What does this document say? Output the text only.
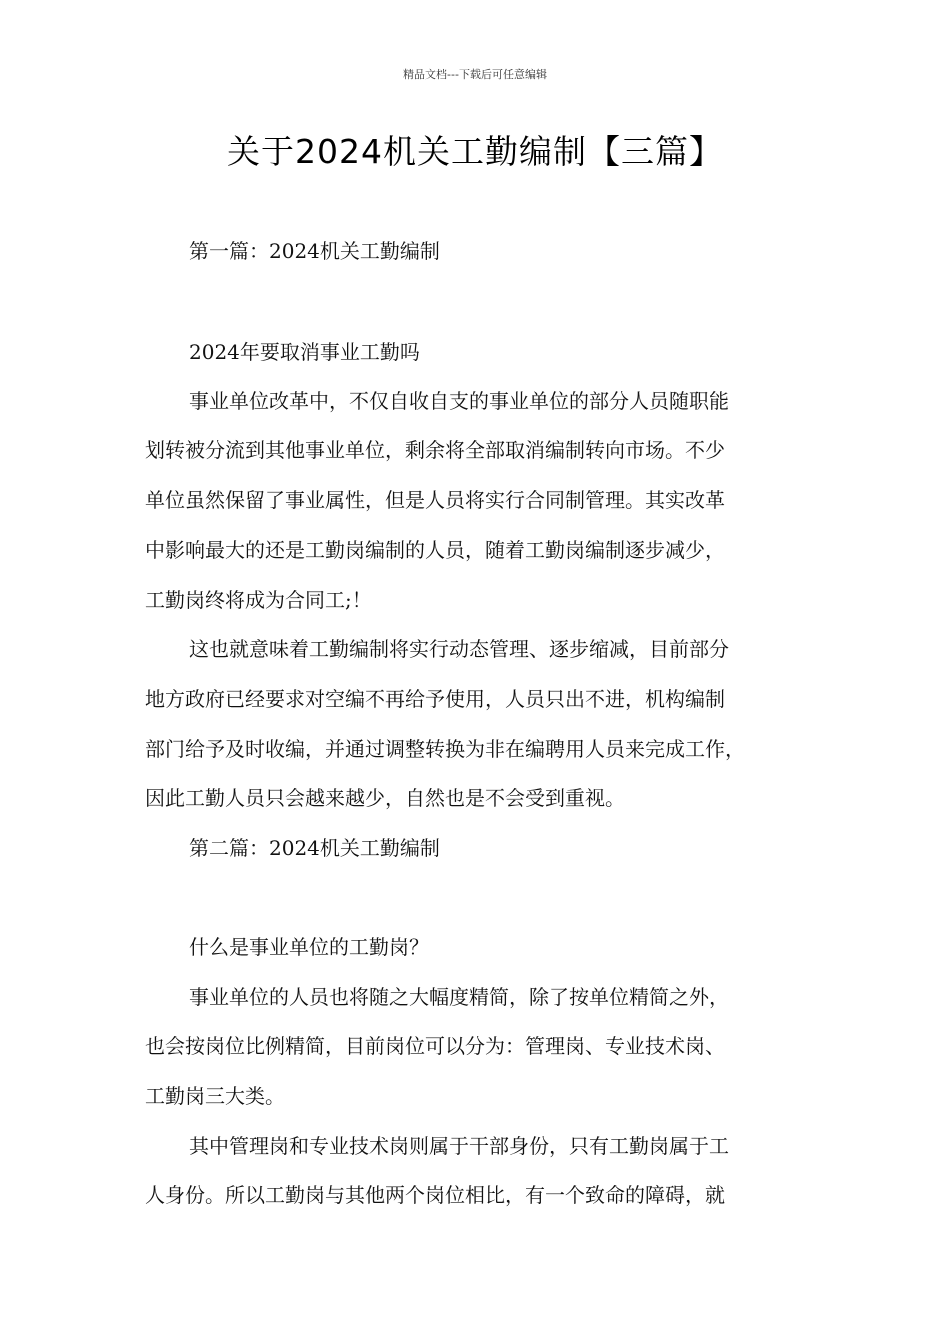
精品文档---下载后可任意编辑
关于2024机关工勤编制【三篇】
第一篇：2024机关工勤编制
2024年要取消事业工勤吗
事业单位改革中，不仅自收自支的事业单位的部分人员随职能
划转被分流到其他事业单位，剩余将全部取消编制转向市场。不少
单位虽然保留了事业属性，但是人员将实行合同制管理。其实改革
中影响最大的还是工勤岗编制的人员，随着工勤岗编制逐步减少，
工勤岗终将成为合同工;！
这也就意味着工勤编制将实行动态管理、逐步缩减，目前部分
地方政府已经要求对空编不再给予使用，人员只出不进，机构编制
部门给予及时收编，并通过调整转换为非在编聘用人员来完成工作，
因此工勤人员只会越来越少，自然也是不会受到重视。
第二篇：2024机关工勤编制
什么是事业单位的工勤岗？
事业单位的人员也将随之大幅度精简，除了按单位精简之外，
也会按岗位比例精简，目前岗位可以分为：管理岗、专业技术岗、
工勤岗三大类。
其中管理岗和专业技术岗则属于干部身份，只有工勤岗属于工
人身份。所以工勤岗与其他两个岗位相比，有一个致命的障碍，就
